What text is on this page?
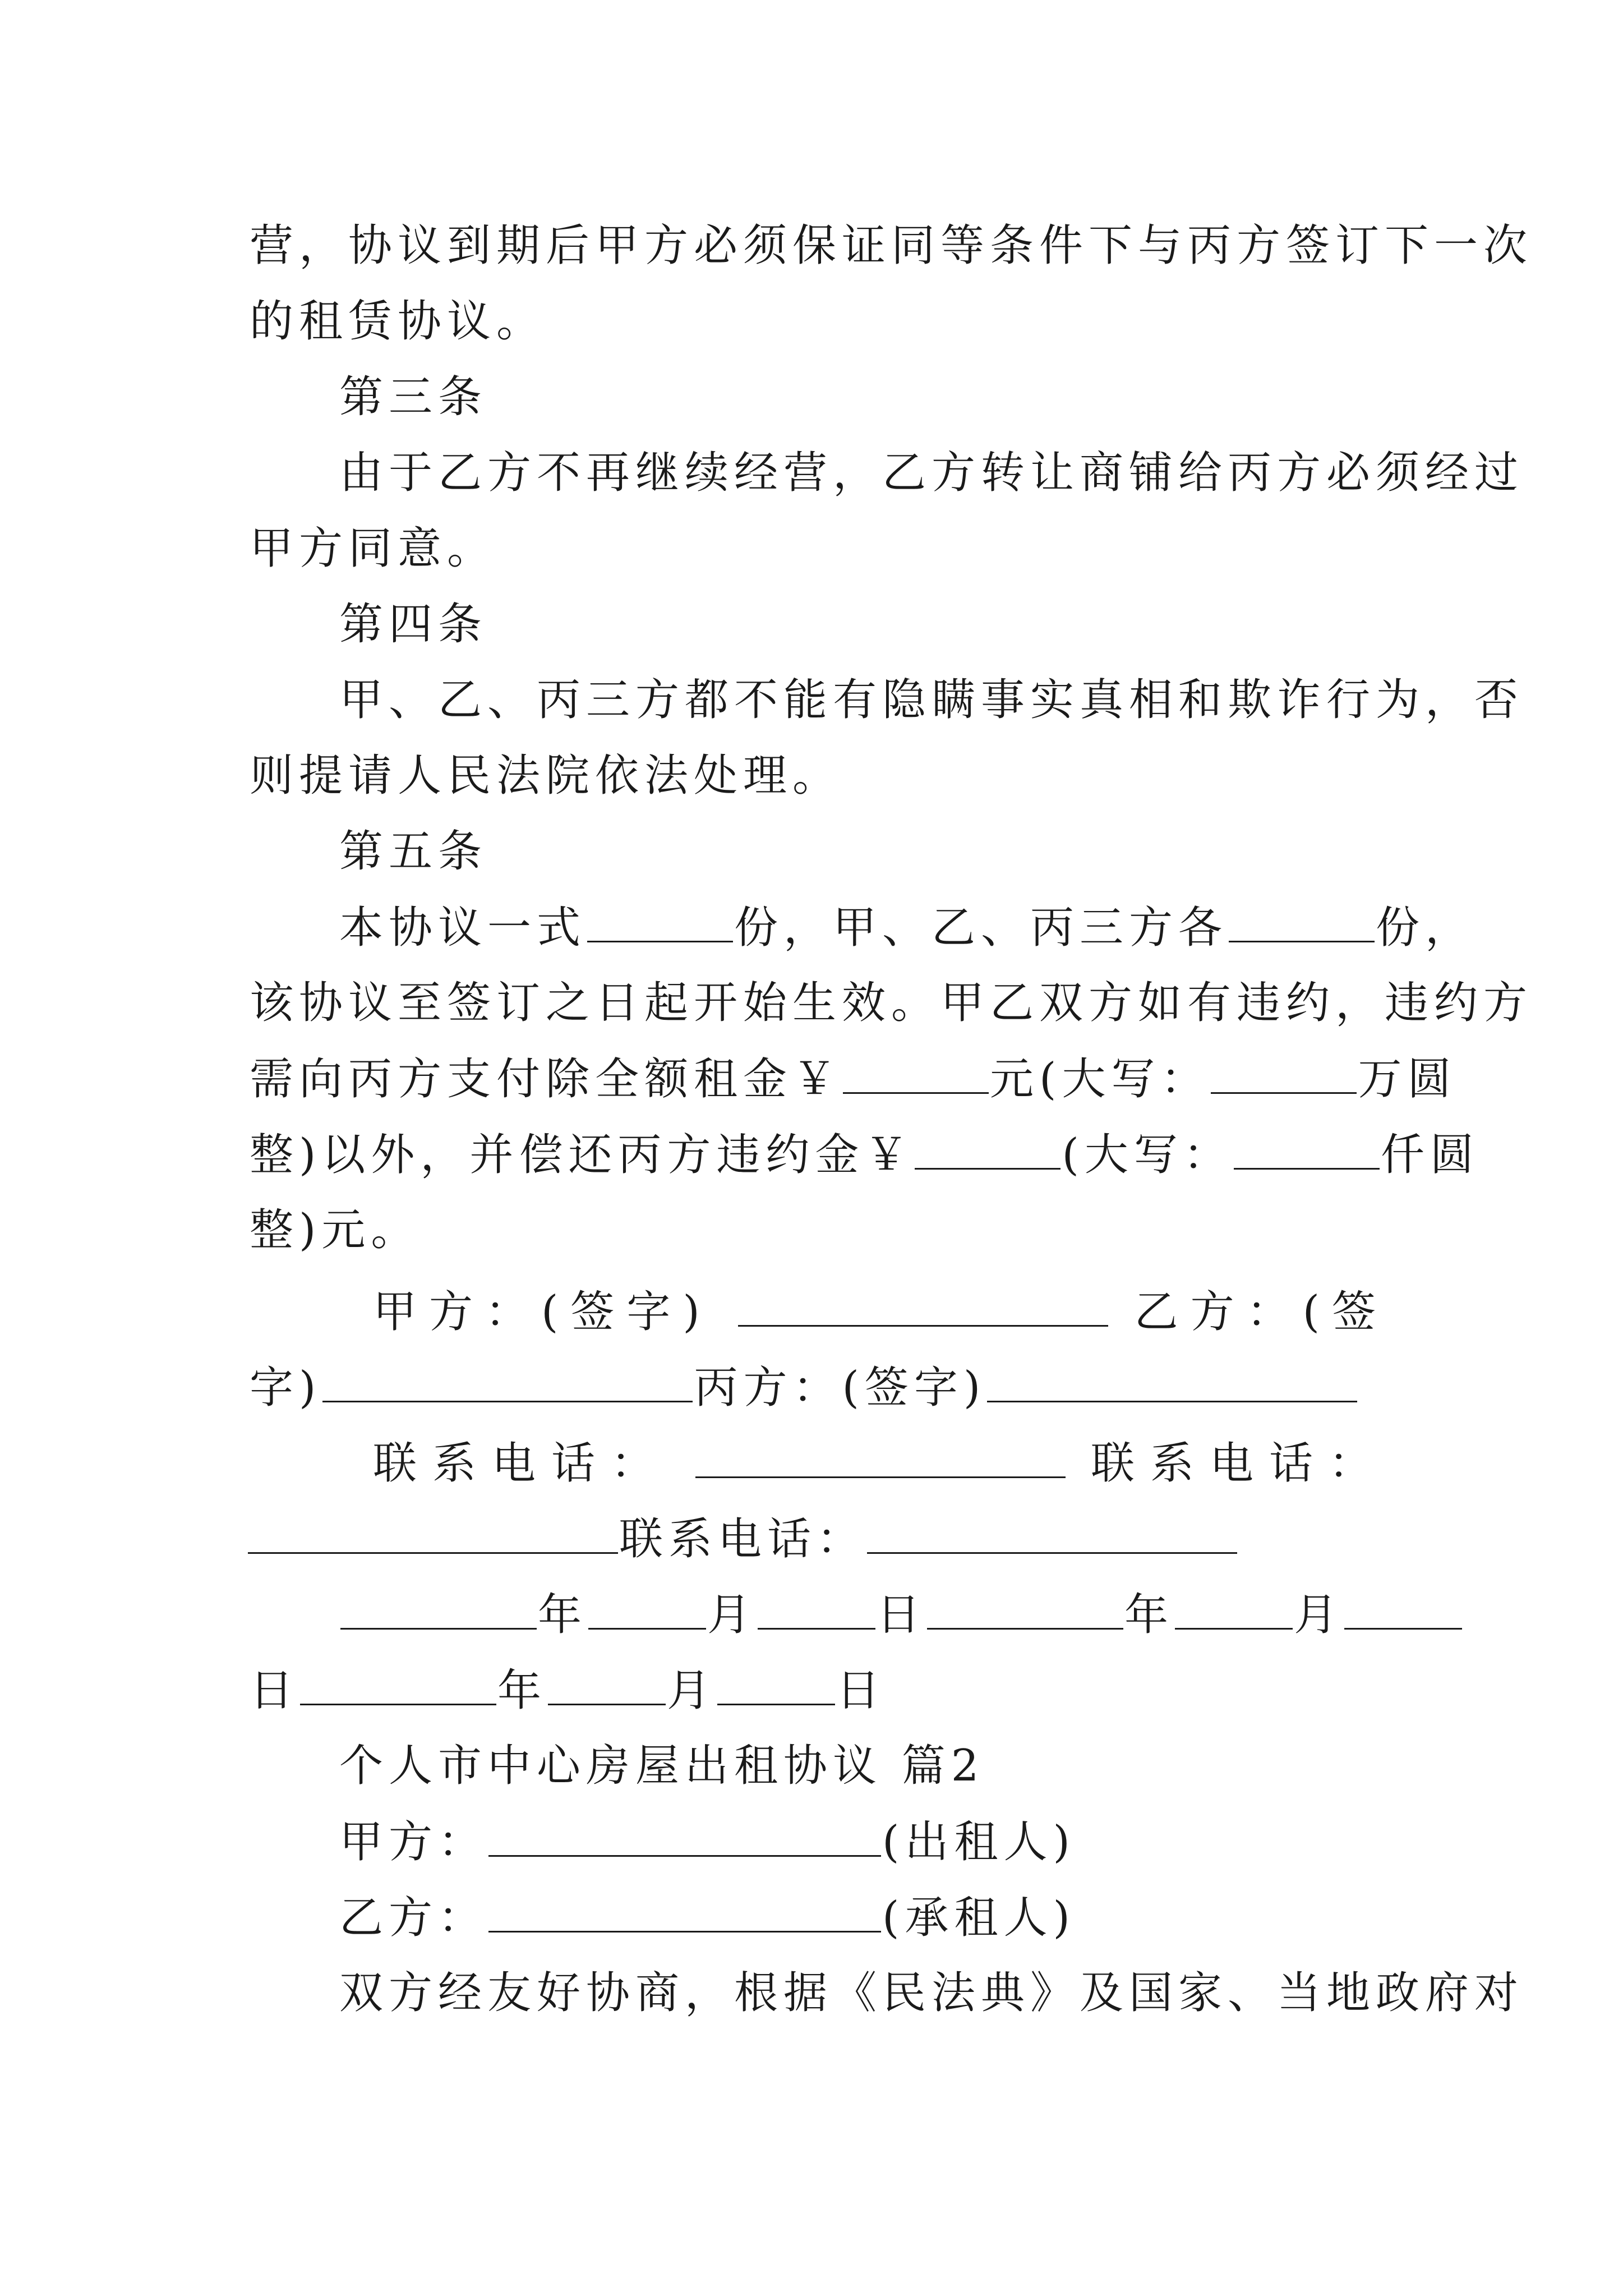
营，协议到期后甲方必须保证同等条件下与丙方签订下一次
的租赁协议。
第三条
由于乙方不再继续经营，乙方转让商铺给丙方必须经过
甲方同意。
第四条
甲、乙、丙三方都不能有隐瞒事实真相和欺诈行为，否
则提请人民法院依法处理。
第五条
本协议一式	份，甲、乙、丙三方各	份，
该协议至签订之日起开始生效。甲乙双方如有违约，违约方
需向丙方支付除全额租金￥	元(大写：	万圆
整)以外，并偿还丙方违约金￥	(大写：	仟圆
整)元。
甲方：(签字)	乙方：(签
字)	丙方：(签字)
联系电话：	联系电话：
联系电话：
年	月	日	年	月
日	年	月	日
个人市中心房屋出租协议 篇2
甲方：	(出租人)
乙方：	(承租人)
双方经友好协商，根据《民法典》及国家、当地政府对
